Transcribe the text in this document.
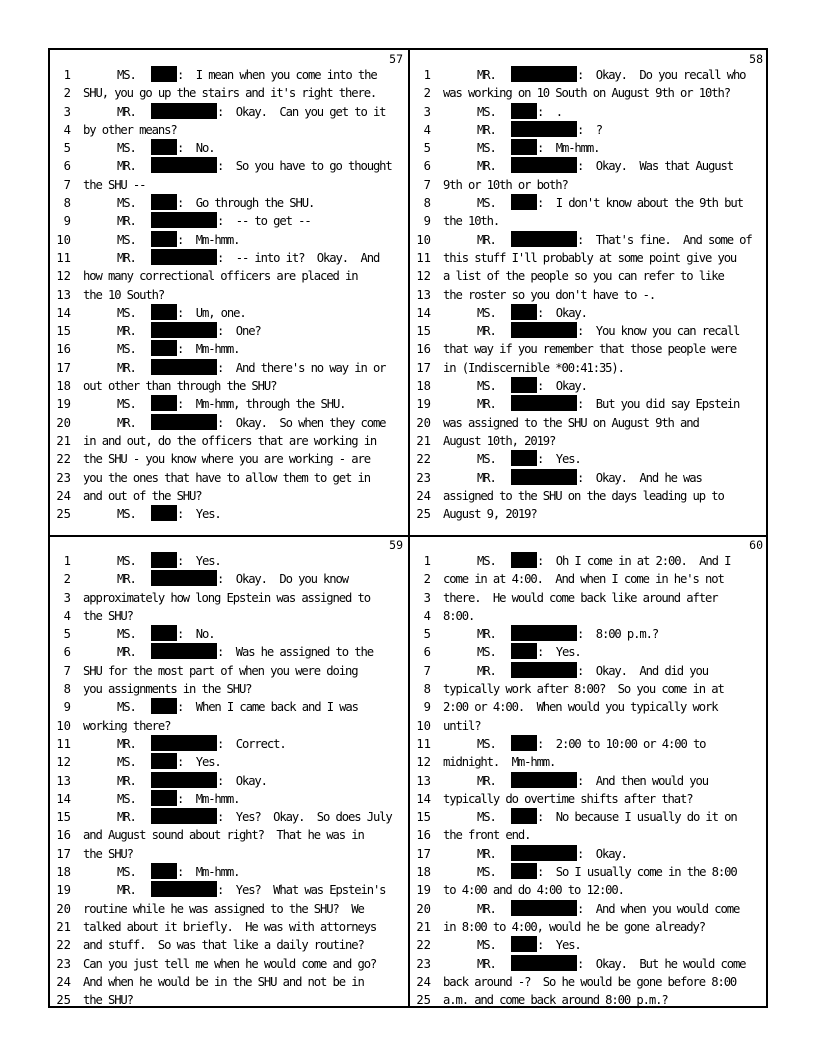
57
1	MS.	:  I mean when you come into the
2 SHU, you go up the stairs and it's right there.
3	MR.	:  Okay.  Can you get to it
4 by other means?
5	MS.	:  No.
6	MR.	:  So you have to go thought
7 the SHU --
8	MS.	:  Go through the SHU.
9	MR.	:  -- to get --
10	MS.	:  Mm-hmm.
11	MR.	:  -- into it?  Okay.  And
12 how many correctional officers are placed in
13 the 10 South?
14	MS.	:  Um, one.
15	MR.	:  One?
16	MS.	:  Mm-hmm.
17	MR.	:  And there's no way in or
18 out other than through the SHU?
19	MS.	:  Mm-hmm, through the SHU.
20	MR.	:  Okay.  So when they come
21 in and out, do the officers that are working in
22 the SHU - you know where you are working - are
23 you the ones that have to allow them to get in
24 and out of the SHU?
25	MS.	:  Yes.
58
1	MR.	:  Okay.  Do you recall who
2 was working on 10 South on August 9th or 10th?
3	MS.	:  .
4	MR.	:  ?
5	MS.	:  Mm-hmm.
6	MR.	:  Okay.  Was that August
7 9th or 10th or both?
8	MS.	:  I don't know about the 9th but
9 the 10th.
10	MR.	:  That's fine.  And some of
11 this stuff I'll probably at some point give you
12 a list of the people so you can refer to like
13 the roster so you don't have to -.
14	MS.	:  Okay.
15	MR.	:  You know you can recall
16 that way if you remember that those people were
17 in (Indiscernible *00:41:35).
18	MS.	:  Okay.
19	MR.	:  But you did say Epstein
20 was assigned to the SHU on August 9th and
21 August 10th, 2019?
22	MS.	:  Yes.
23	MR.	:  Okay.  And he was
24 assigned to the SHU on the days leading up to
25 August 9, 2019?
59
1	MS.	:  Yes.
2	MR.	:  Okay.  Do you know
3 approximately how long Epstein was assigned to
4 the SHU?
5	MS.	:  No.
6	MR.	:  Was he assigned to the
7 SHU for the most part of when you were doing
8 you assignments in the SHU?
9	MS.	:  When I came back and I was
10 working there?
11	MR.	:  Correct.
12	MS.	:  Yes.
13	MR.	:  Okay.
14	MS.	:  Mm-hmm.
15	MR.	:  Yes?  Okay.  So does July
16 and August sound about right?  That he was in
17 the SHU?
18	MS.	:  Mm-hmm.
19	MR.	:  Yes?  What was Epstein's
20 routine while he was assigned to the SHU?  We
21 talked about it briefly.  He was with attorneys
22 and stuff.  So was that like a daily routine?
23 Can you just tell me when he would come and go?
24 And when he would be in the SHU and not be in
25 the SHU?
60
1	MS.	:  Oh I come in at 2:00.  And I
2 come in at 4:00.  And when I come in he's not
3 there.  He would come back like around after
4 8:00.
5	MR.	:  8:00 p.m.?
6	MS.	:  Yes.
7	MR.	:  Okay.  And did you
8 typically work after 8:00?  So you come in at
9 2:00 or 4:00.  When would you typically work
10 until?
11	MS.	:  2:00 to 10:00 or 4:00 to
12 midnight.  Mm-hmm.
13	MR.	:  And then would you
14 typically do overtime shifts after that?
15	MS.	:  No because I usually do it on
16 the front end.
17	MR.	:  Okay.
18	MS.	:  So I usually come in the 8:00
19 to 4:00 and do 4:00 to 12:00.
20	MR.	:  And when you would come
21 in 8:00 to 4:00, would he be gone already?
22	MS.	:  Yes.
23	MR.	:  Okay.  But he would come
24 back around -?  So he would be gone before 8:00
25 a.m. and come back around 8:00 p.m.?
